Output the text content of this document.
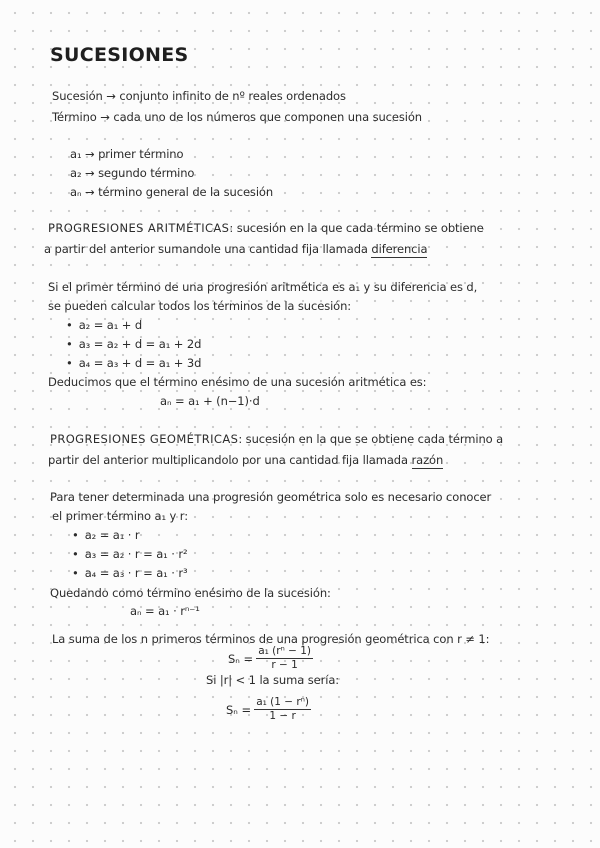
SUCESIONES
Sucesión → conjunto infinito de nº reales ordenados
Término → cada uno de los números que componen una sucesión
a₁ → primer término
a₂ → segundo término
aₙ → término general de la sucesión
PROGRESIONES ARITMÉTICAS: sucesión en la que cada término se obtiene
a partir del anterior sumandole una cantidad fija llamada diferencia
Si el primer término de una progresión aritmética es a₁ y su diferencia es d,
se pueden calcular todos los términos de la sucesión:
• a₂ = a₁ + d
• a₃ = a₂ + d = a₁ + 2d
• a₄ = a₃ + d = a₁ + 3d
Deducimos que el término enésimo de una sucesión aritmética es:
aₙ = a₁ + (n−1)·d
PROGRESIONES GEOMÉTRICAS: sucesión en la que se obtiene cada término a
partir del anterior multiplicandolo por una cantidad fija llamada razón
Para tener determinada una progresión geométrica solo es necesario conocer
el primer término a₁ y r:
• a₂ = a₁ · r
• a₃ = a₂ · r = a₁ · r²
• a₄ = a₃ · r = a₁ · r³
Quedando como término enésimo de la sucesión:
aₙ = a₁ · rⁿ⁻¹
La suma de los n primeros términos de una progresión geométrica con r ≠ 1:
$S_n = \frac{\text{a₁ (rⁿ − 1)}}{r - 1}$
Si |r| < 1 la suma sería:
$S_n = \frac{\text{a₁ (1 − rⁿ)}}{1 - r}$
